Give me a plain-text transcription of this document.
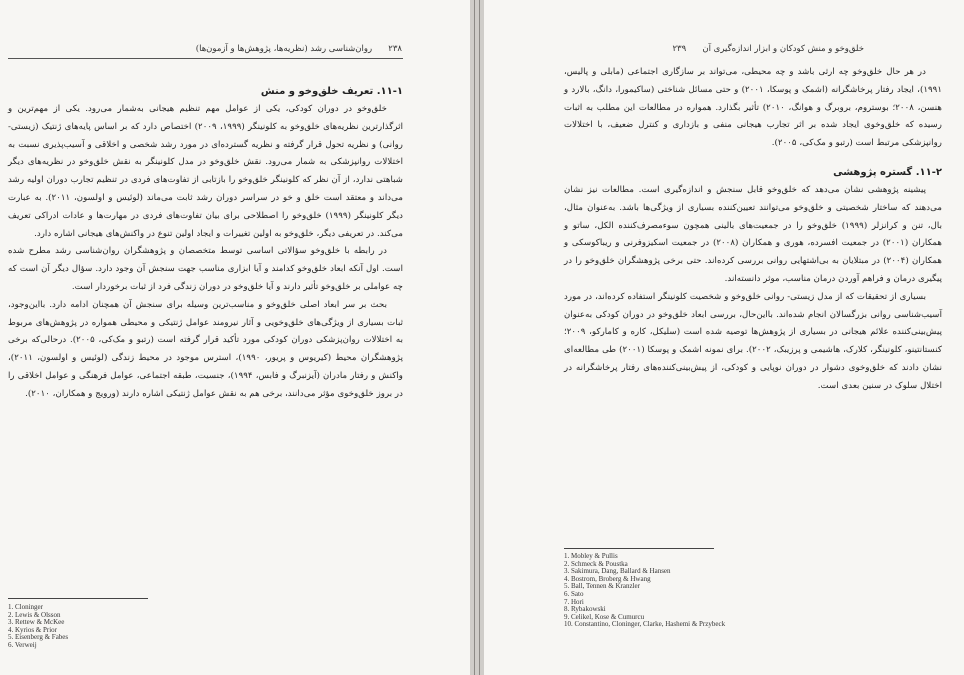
۲۳۸      روان‌شناسی رشد (نظریه‌ها، پژوهش‌ها و آزمون‌ها)
۱۱-۱. تعریف خلق‌وخو و منش

خلق‌وخو در دوران کودکی، یکی از عوامل مهم تنظیم هیجانی به‌شمار می‌رود. یکی از مهم‌ترین و اثرگذارترین نظریه‌های خلق‌وخو به کلونینگر (۱۹۹۹، ۲۰۰۹) اختصاص دارد که بر اساس پایه‌های ژنتیک (زیستی- روانی) و نظریه تحول قرار گرفته و نظریه گسترده‌ای در مورد رشد شخصی و اخلاقی و آسیب‌پذیری نسبت به اختلالات روانپزشکی به شمار می‌رود. نقش خلق‌وخو در مدل کلونینگر به نقش خلق‌وخو در نظریه‌های دیگر شباهتی ندارد، از آن نظر که کلونینگر خلق‌وخو را بازتابی از تفاوت‌های فردی در تنظیم تجارب دوران اولیه رشد می‌داند و معتقد است خلق و خو در سراسر دوران رشد ثابت می‌ماند (لوئیس و اولسون، ۲۰۱۱). به عبارت دیگر کلونینگر (۱۹۹۹) خلق‌وخو را اصطلاحی برای بیان تفاوت‌های فردی در مهارت‌ها و عادات ادراکی تعریف می‌کند. در تعریفی دیگر، خلق‌وخو به اولین تغییرات و ایجاد اولین تنوع در واکنش‌های هیجانی اشاره دارد.

در رابطه با خلق‌وخو سؤالاتی اساسی توسط متخصصان و پژوهشگران روان‌شناسی رشد مطرح شده است. اول آنکه ابعاد خلق‌وخو کدامند و آیا ابزاری مناسب جهت سنجش آن وجود دارد. سؤال دیگر آن است که چه عواملی بر خلق‌وخو تأثیر دارند و آیا خلق‌وخو در دوران زندگی فرد از ثبات برخوردار است.

بحث بر سر ابعاد اصلی خلق‌وخو و مناسب‌ترین وسیله برای سنجش آن همچنان ادامه دارد. بااین‌وجود، ثبات بسیاری از ویژگی‌های خلق‌وخویی و آثار نیرومند عوامل ژنتیکی و محیطی همواره در پژوهش‌های مربوط به اختلالات روان‌پزشکی دوران کودکی مورد تأکید قرار گرفته است (رتبو و مک‌کی، ۲۰۰۵). درحالی‌که برخی پژوهشگران محیط (کیریوس و پریور، ۱۹۹۰)، استرس موجود در محیط زندگی (لوئیس و اولسون، ۲۰۱۱)، واکنش و رفتار مادران (آیزنبرگ و فابس، ۱۹۹۴)، جنسیت، طبقه اجتماعی، عوامل فرهنگی و عوامل اخلاقی را در بروز خلق‌وخوی مؤثر می‌دانند، برخی هم به نقش عوامل ژنتیکی اشاره دارند (ورویج و همکاران، ۲۰۱۰).

1. Cloninger
2. Lewis & Olsson
3. Rettew & McKee
4. Kyrios & Prior
5. Eisenberg & Fabes
6. Verweij
خلق‌وخو و منش کودکان و ابزار اندازه‌گیری آن      ۲۳۹

در هر حال خلق‌وخو چه ارثی باشد و چه محیطی، می‌تواند بر سازگاری اجتماعی (مابلی و پالیس، ۱۹۹۱)، ایجاد رفتار پرخاشگرانه (اشمک و پوسکا، ۲۰۰۱) و حتی مسائل شناختی (ساکیمورا، دانگ، بالارد و هنسن، ۲۰۰۸؛ بوستروم، بروبرگ و هوانگ، ۲۰۱۰) تأثیر بگذارد. همواره در مطالعات این مطلب به اثبات رسیده که خلق‌وخوی ایجاد شده بر اثر تجارب هیجانی منفی و بازداری و کنترل ضعیف، با اختلالات روانپزشکی مرتبط است (رتبو و مک‌کی، ۲۰۰۵).

۱۱-۲. گستره پژوهشی

پیشینه پژوهشی نشان می‌دهد که خلق‌وخو قابل سنجش و اندازه‌گیری است. مطالعات نیز نشان می‌دهند که ساختار شخصیتی و خلق‌وخو می‌توانند تعیین‌کننده بسیاری از ویژگی‌ها باشد. به‌عنوان مثال، بال، تنن و کرانزلر (۱۹۹۹) خلق‌وخو را در جمعیت‌های بالینی همچون سوءمصرف‌کننده الکل، ساتو و همکاران (۲۰۰۱) در جمعیت افسرده، هوری و همکاران (۲۰۰۸) در جمعیت اسکیزوفرنی و ریباکوسکی و همکاران (۲۰۰۴) در مبتلایان به بی‌اشتهایی روانی بررسی کرده‌اند. حتی برخی پژوهشگران خلق‌وخو را در پیگیری درمان و فراهم آوردن درمان مناسب، موثر دانسته‌اند.

بسیاری از تحقیقات که از مدل زیستی- روانی خلق‌وخو و شخصیت کلونینگر استفاده کرده‌اند، در مورد آسیب‌شناسی روانی بزرگسالان انجام شده‌اند. بااین‌حال، بررسی ابعاد خلق‌وخو در دوران کودکی به‌عنوان پیش‌بینی‌کننده علائم هیجانی در بسیاری از پژوهش‌ها توصیه شده است (سلیکل، کاره و کامارکو، ۲۰۰۹؛ کنستانتینو، کلونینگر، کلارک، هاشیمی و پرزیبک، ۲۰۰۲). برای نمونه اشمک و پوسکا (۲۰۰۱) طی مطالعه‌ای نشان دادند که خلق‌وخوی دشوار در دوران نوپایی و کودکی، از پیش‌بینی‌کننده‌های رفتار پرخاشگرانه در اختلال سلوک در سنین بعدی است.

1. Mobley & Pullis
2. Schmeck & Poustka
3. Sakimura, Dang, Ballard & Hansen
4. Bostrom, Broberg & Hwang
5. Ball, Tennen & Kranzler
6. Sato
7. Hori
8. Rybakowski
9. Celikel, Kose & Cumurcu
10. Constantino, Cloninger, Clarke, Hashemi & Przybeck
